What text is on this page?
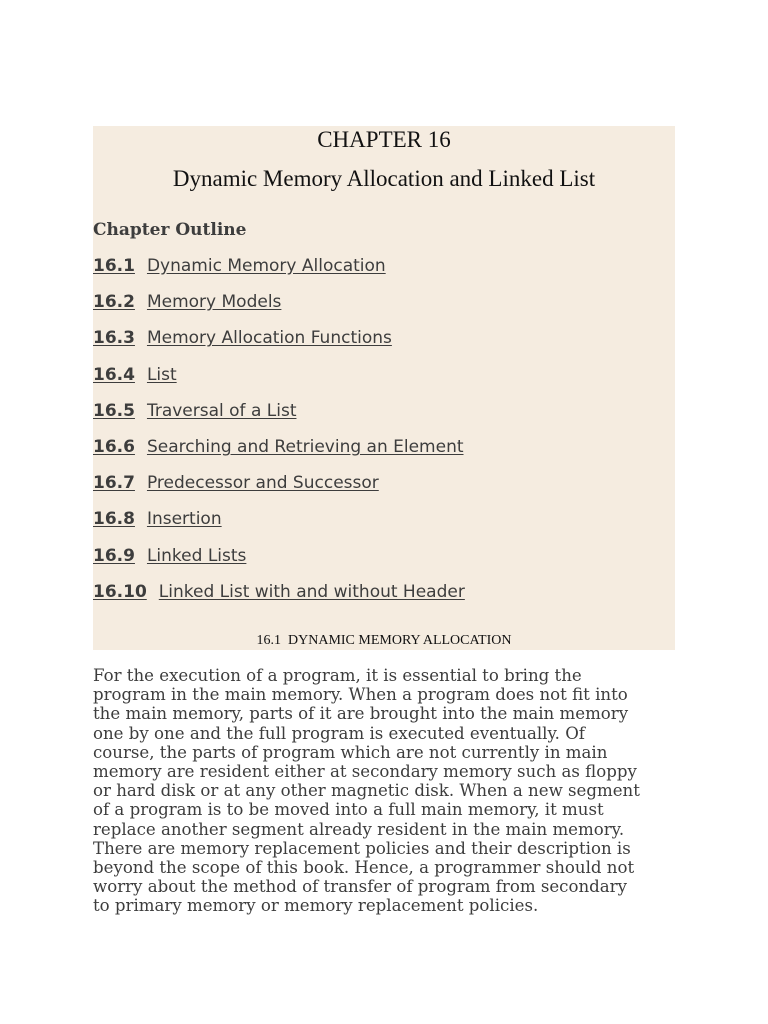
CHAPTER 16
Dynamic Memory Allocation and Linked List
Chapter Outline
16.1 Dynamic Memory Allocation
16.2 Memory Models
16.3 Memory Allocation Functions
16.4 List
16.5 Traversal of a List
16.6 Searching and Retrieving an Element
16.7 Predecessor and Successor
16.8 Insertion
16.9 Linked Lists
16.10 Linked List with and without Header
16.1  DYNAMIC MEMORY ALLOCATION

For the execution of a program, it is essential to bring the
program in the main memory. When a program does not fit into
the main memory, parts of it are brought into the main memory
one by one and the full program is executed eventually. Of
course, the parts of program which are not currently in main
memory are resident either at secondary memory such as floppy
or hard disk or at any other magnetic disk. When a new segment
of a program is to be moved into a full main memory, it must
replace another segment already resident in the main memory.
There are memory replacement policies and their description is
beyond the scope of this book. Hence, a programmer should not
worry about the method of transfer of program from secondary
to primary memory or memory replacement policies.
